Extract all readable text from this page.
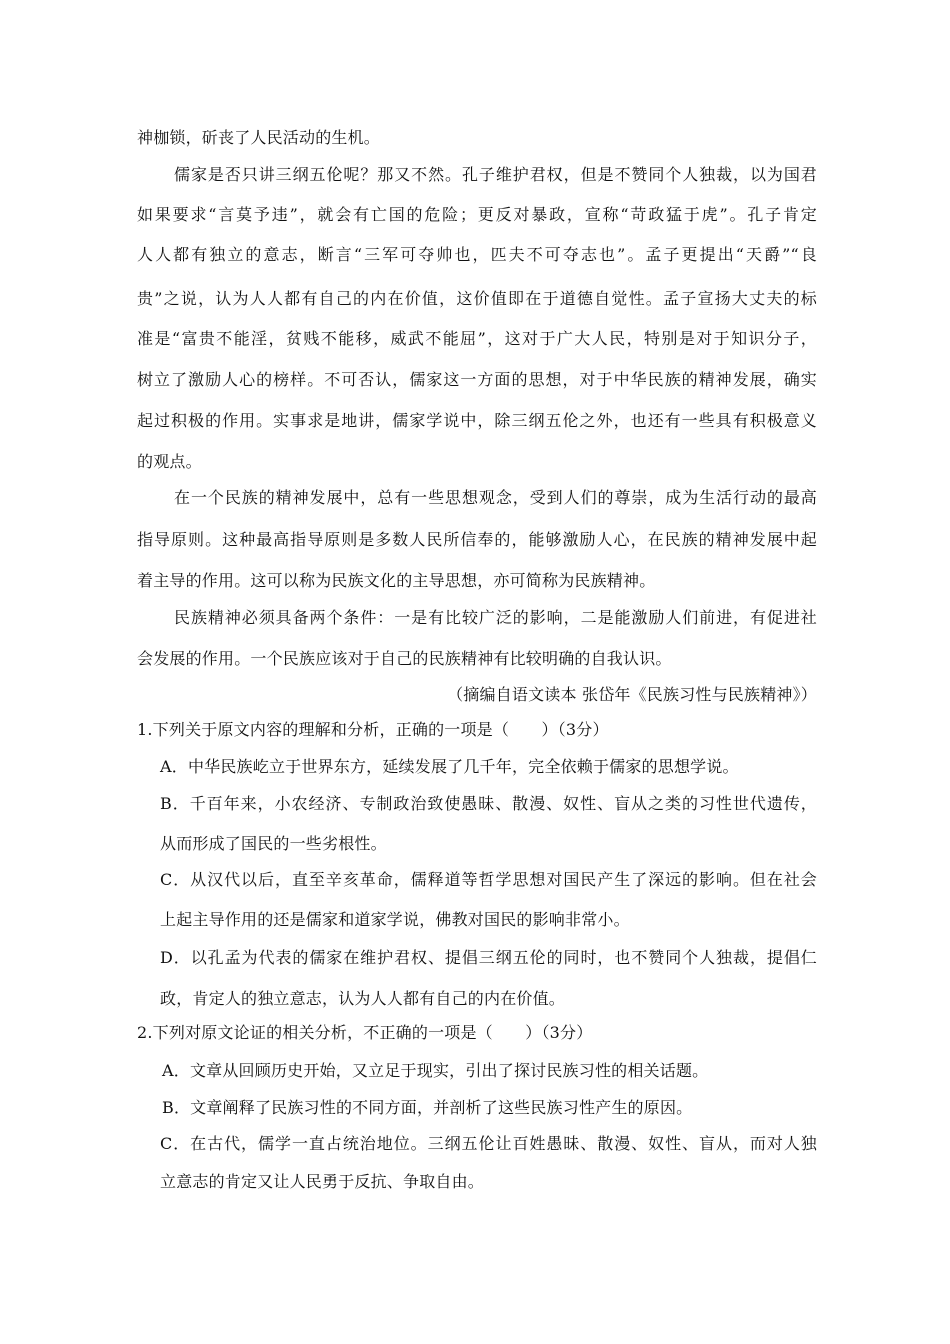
神枷锁，斫丧了人民活动的生机。
儒家是否只讲三纲五伦呢？那又不然。孔子维护君权，但是不赞同个人独裁，以为国君
如果要求“言莫予违”，就会有亡国的危险；更反对暴政，宣称“苛政猛于虎”。孔子肯定
人人都有独立的意志，断言“三军可夺帅也，匹夫不可夺志也”。孟子更提出“天爵”“良
贵”之说，认为人人都有自己的内在价值，这价值即在于道德自觉性。孟子宣扬大丈夫的标
准是“富贵不能淫，贫贱不能移，威武不能屈”，这对于广大人民，特别是对于知识分子，
树立了激励人心的榜样。不可否认，儒家这一方面的思想，对于中华民族的精神发展，确实
起过积极的作用。实事求是地讲，儒家学说中，除三纲五伦之外，也还有一些具有积极意义
的观点。
在一个民族的精神发展中，总有一些思想观念，受到人们的尊崇，成为生活行动的最高
指导原则。这种最高指导原则是多数人民所信奉的，能够激励人心，在民族的精神发展中起
着主导的作用。这可以称为民族文化的主导思想，亦可简称为民族精神。
民族精神必须具备两个条件：一是有比较广泛的影响，二是能激励人们前进，有促进社
会发展的作用。一个民族应该对于自己的民族精神有比较明确的自我认识。
（摘编自语文读本 张岱年《民族习性与民族精神》）
1.下列关于原文内容的理解和分析，正确的一项是（　　）（3分）
A．中华民族屹立于世界东方，延续发展了几千年，完全依赖于儒家的思想学说。
B．千百年来，小农经济、专制政治致使愚昧、散漫、奴性、盲从之类的习性世代遗传，
从而形成了国民的一些劣根性。
C．从汉代以后，直至辛亥革命，儒释道等哲学思想对国民产生了深远的影响。但在社会
上起主导作用的还是儒家和道家学说，佛教对国民的影响非常小。
D．以孔孟为代表的儒家在维护君权、提倡三纲五伦的同时，也不赞同个人独裁，提倡仁
政，肯定人的独立意志，认为人人都有自己的内在价值。
2.下列对原文论证的相关分析，不正确的一项是（　　）（3分）
A．文章从回顾历史开始，又立足于现实，引出了探讨民族习性的相关话题。
B．文章阐释了民族习性的不同方面，并剖析了这些民族习性产生的原因。
C．在古代，儒学一直占统治地位。三纲五伦让百姓愚昧、散漫、奴性、盲从，而对人独
立意志的肯定又让人民勇于反抗、争取自由。
